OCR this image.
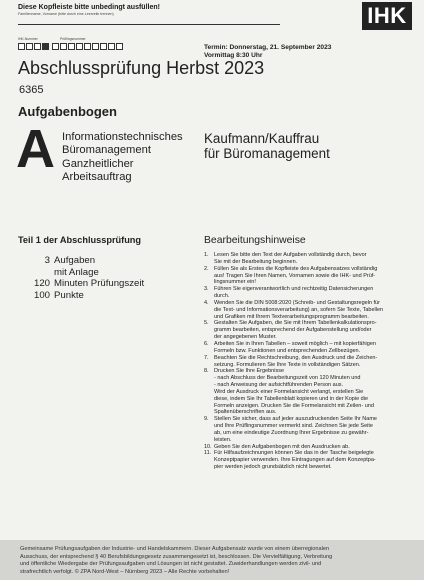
Diese Kopfleiste bitte unbedingt ausfüllen!
Familienname, Vorname (bitte durch eine Leerzeile trennen)
IHK-Nummer	Prüflingsnummer
IHK
Termin: Donnerstag, 21. September 2023
Vormittag 8:30 Uhr
Abschlussprüfung Herbst 2023
6365
Aufgabenbogen
A Informationstechnisches
Büromanagement
Ganzheitlicher
Arbeitsauftrag
Kaufmann/Kauffrau
für Büromanagement
Teil 1 der Abschlussprüfung
3 Aufgaben
mit Anlage
120 Minuten Prüfungszeit
100 Punkte
Bearbeitungshinweise
1. Lesen Sie bitte den Text der Aufgaben vollständig durch, bevor
Sie mit der Bearbeitung beginnen.
2. Füllen Sie als Erstes die Kopfleiste des Aufgabensatzes vollständig
aus! Tragen Sie Ihren Namen, Vornamen sowie die IHK- und Prüf-
lingsnummer ein!
3. Führen Sie eigenverantwortlich und rechtzeitig Datensicherungen
durch.
4. Wenden Sie die DIN 5008:2020 (Schreib- und Gestaltungsregeln für
die Text- und Informationsverarbeitung) an, sofern Sie Texte, Tabellen
und Grafiken mit Ihrem Textverarbeitungsprogramm bearbeiten.
5. Gestalten Sie Aufgaben, die Sie mit Ihrem Tabellenkalkulationspro-
gramm bearbeiten, entsprechend der Aufgabenstellung und/oder
der angegebenen Muster.
6. Arbeiten Sie in Ihren Tabellen – soweit möglich – mit kopierfähigen
Formeln bzw. Funktionen und entsprechenden Zellbezügen.
7. Beachten Sie die Rechtschreibung, den Ausdruck und die Zeichen-
setzung. Formulieren Sie Ihre Texte in vollständigen Sätzen.
8. Drucken Sie Ihre Ergebnisse
- nach Abschluss der Bearbeitungszeit von 120 Minuten und
- nach Anweisung der aufsichtführenden Person aus.
Wird der Ausdruck einer Formelansicht verlangt, erstellen Sie
diese, indem Sie Ihr Tabellenblatt kopieren und in der Kopie die
Formeln anzeigen. Drucken Sie die Formelansicht mit Zeilen- und
Spaltenüberschriften aus.
9. Stellen Sie sicher, dass auf jeder auszudruckenden Seite Ihr Name
und Ihre Prüflingsnummer vermerkt sind. Zeichnen Sie jede Seite
ab, um eine eindeutige Zuordnung Ihrer Ergebnisse zu gewähr-
leisten.
10. Geben Sie den Aufgabenbogen mit den Ausdrucken ab.
11. Für Hilfsaufzeichnungen können Sie das in der Tasche beigelegte
Konzeptpapier verwenden. Ihre Eintragungen auf dem Konzeptpa-
pier werden jedoch grundsätzlich nicht bewertet.
Gemeinsame Prüfungsaufgaben der Industrie- und Handelskammern. Dieser Aufgabensatz wurde von einem überregionalen
Ausschuss, der entsprechend § 40 Berufsbildungsgesetz zusammengesetzt ist, beschlossen. Die Vervielfältigung, Verbreitung
und öffentliche Wiedergabe der Prüfungsaufgaben und Lösungen ist nicht gestattet. Zuwiderhandlungen werden zivil- und
strafrechtlich verfolgt. © ZPA Nord-West – Nürnberg 2023 – Alle Rechte vorbehalten!
